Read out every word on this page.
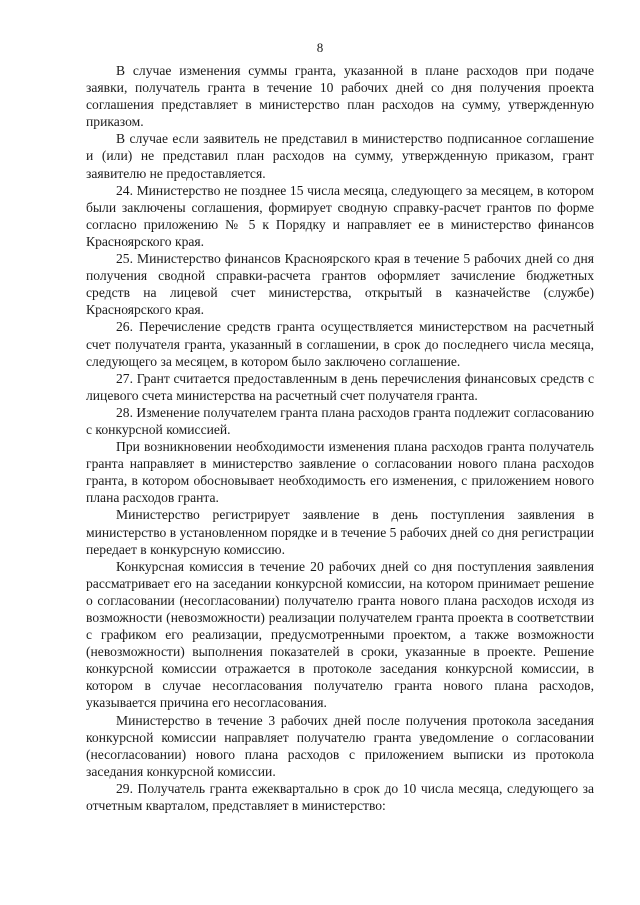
8

В случае изменения суммы гранта, указанной в плане расходов при подаче заявки, получатель гранта в течение 10 рабочих дней со дня получения проекта соглашения представляет в министерство план расходов на сумму, утвержденную приказом.

В случае если заявитель не представил в министерство подписанное соглашение и (или) не представил план расходов на сумму, утвержденную приказом, грант заявителю не предоставляется.

24. Министерство не позднее 15 числа месяца, следующего за месяцем, в котором были заключены соглашения, формирует сводную справку-расчет грантов по форме согласно приложению № 5 к Порядку и направляет ее в министерство финансов Красноярского края.

25. Министерство финансов Красноярского края в течение 5 рабочих дней со дня получения сводной справки-расчета грантов оформляет зачисление бюджетных средств на лицевой счет министерства, открытый в казначействе (службе) Красноярского края.

26. Перечисление средств гранта осуществляется министерством на расчетный счет получателя гранта, указанный в соглашении, в срок до последнего числа месяца, следующего за месяцем, в котором было заключено соглашение.

27. Грант считается предоставленным в день перечисления финансовых средств с лицевого счета министерства на расчетный счет получателя гранта.

28. Изменение получателем гранта плана расходов гранта подлежит согласованию с конкурсной комиссией.

При возникновении необходимости изменения плана расходов гранта получатель гранта направляет в министерство заявление о согласовании нового плана расходов гранта, в котором обосновывает необходимость его изменения, с приложением нового плана расходов гранта.

Министерство регистрирует заявление в день поступления заявления в министерство в установленном порядке и в течение 5 рабочих дней со дня регистрации передает в конкурсную комиссию.

Конкурсная комиссия в течение 20 рабочих дней со дня поступления заявления рассматривает его на заседании конкурсной комиссии, на котором принимает решение о согласовании (несогласовании) получателю гранта нового плана расходов исходя из возможности (невозможности) реализации получателем гранта проекта в соответствии с графиком его реализации, предусмотренными проектом, а также возможности (невозможности) выполнения показателей в сроки, указанные в проекте. Решение конкурсной комиссии отражается в протоколе заседания конкурсной комиссии, в котором в случае несогласования получателю гранта нового плана расходов, указывается причина его несогласования.

Министерство в течение 3 рабочих дней после получения протокола заседания конкурсной комиссии направляет получателю гранта уведомление о согласовании (несогласовании) нового плана расходов с приложением выписки из протокола заседания конкурсной комиссии.

29. Получатель гранта ежеквартально в срок до 10 числа месяца, следующего за отчетным кварталом, представляет в министерство:
